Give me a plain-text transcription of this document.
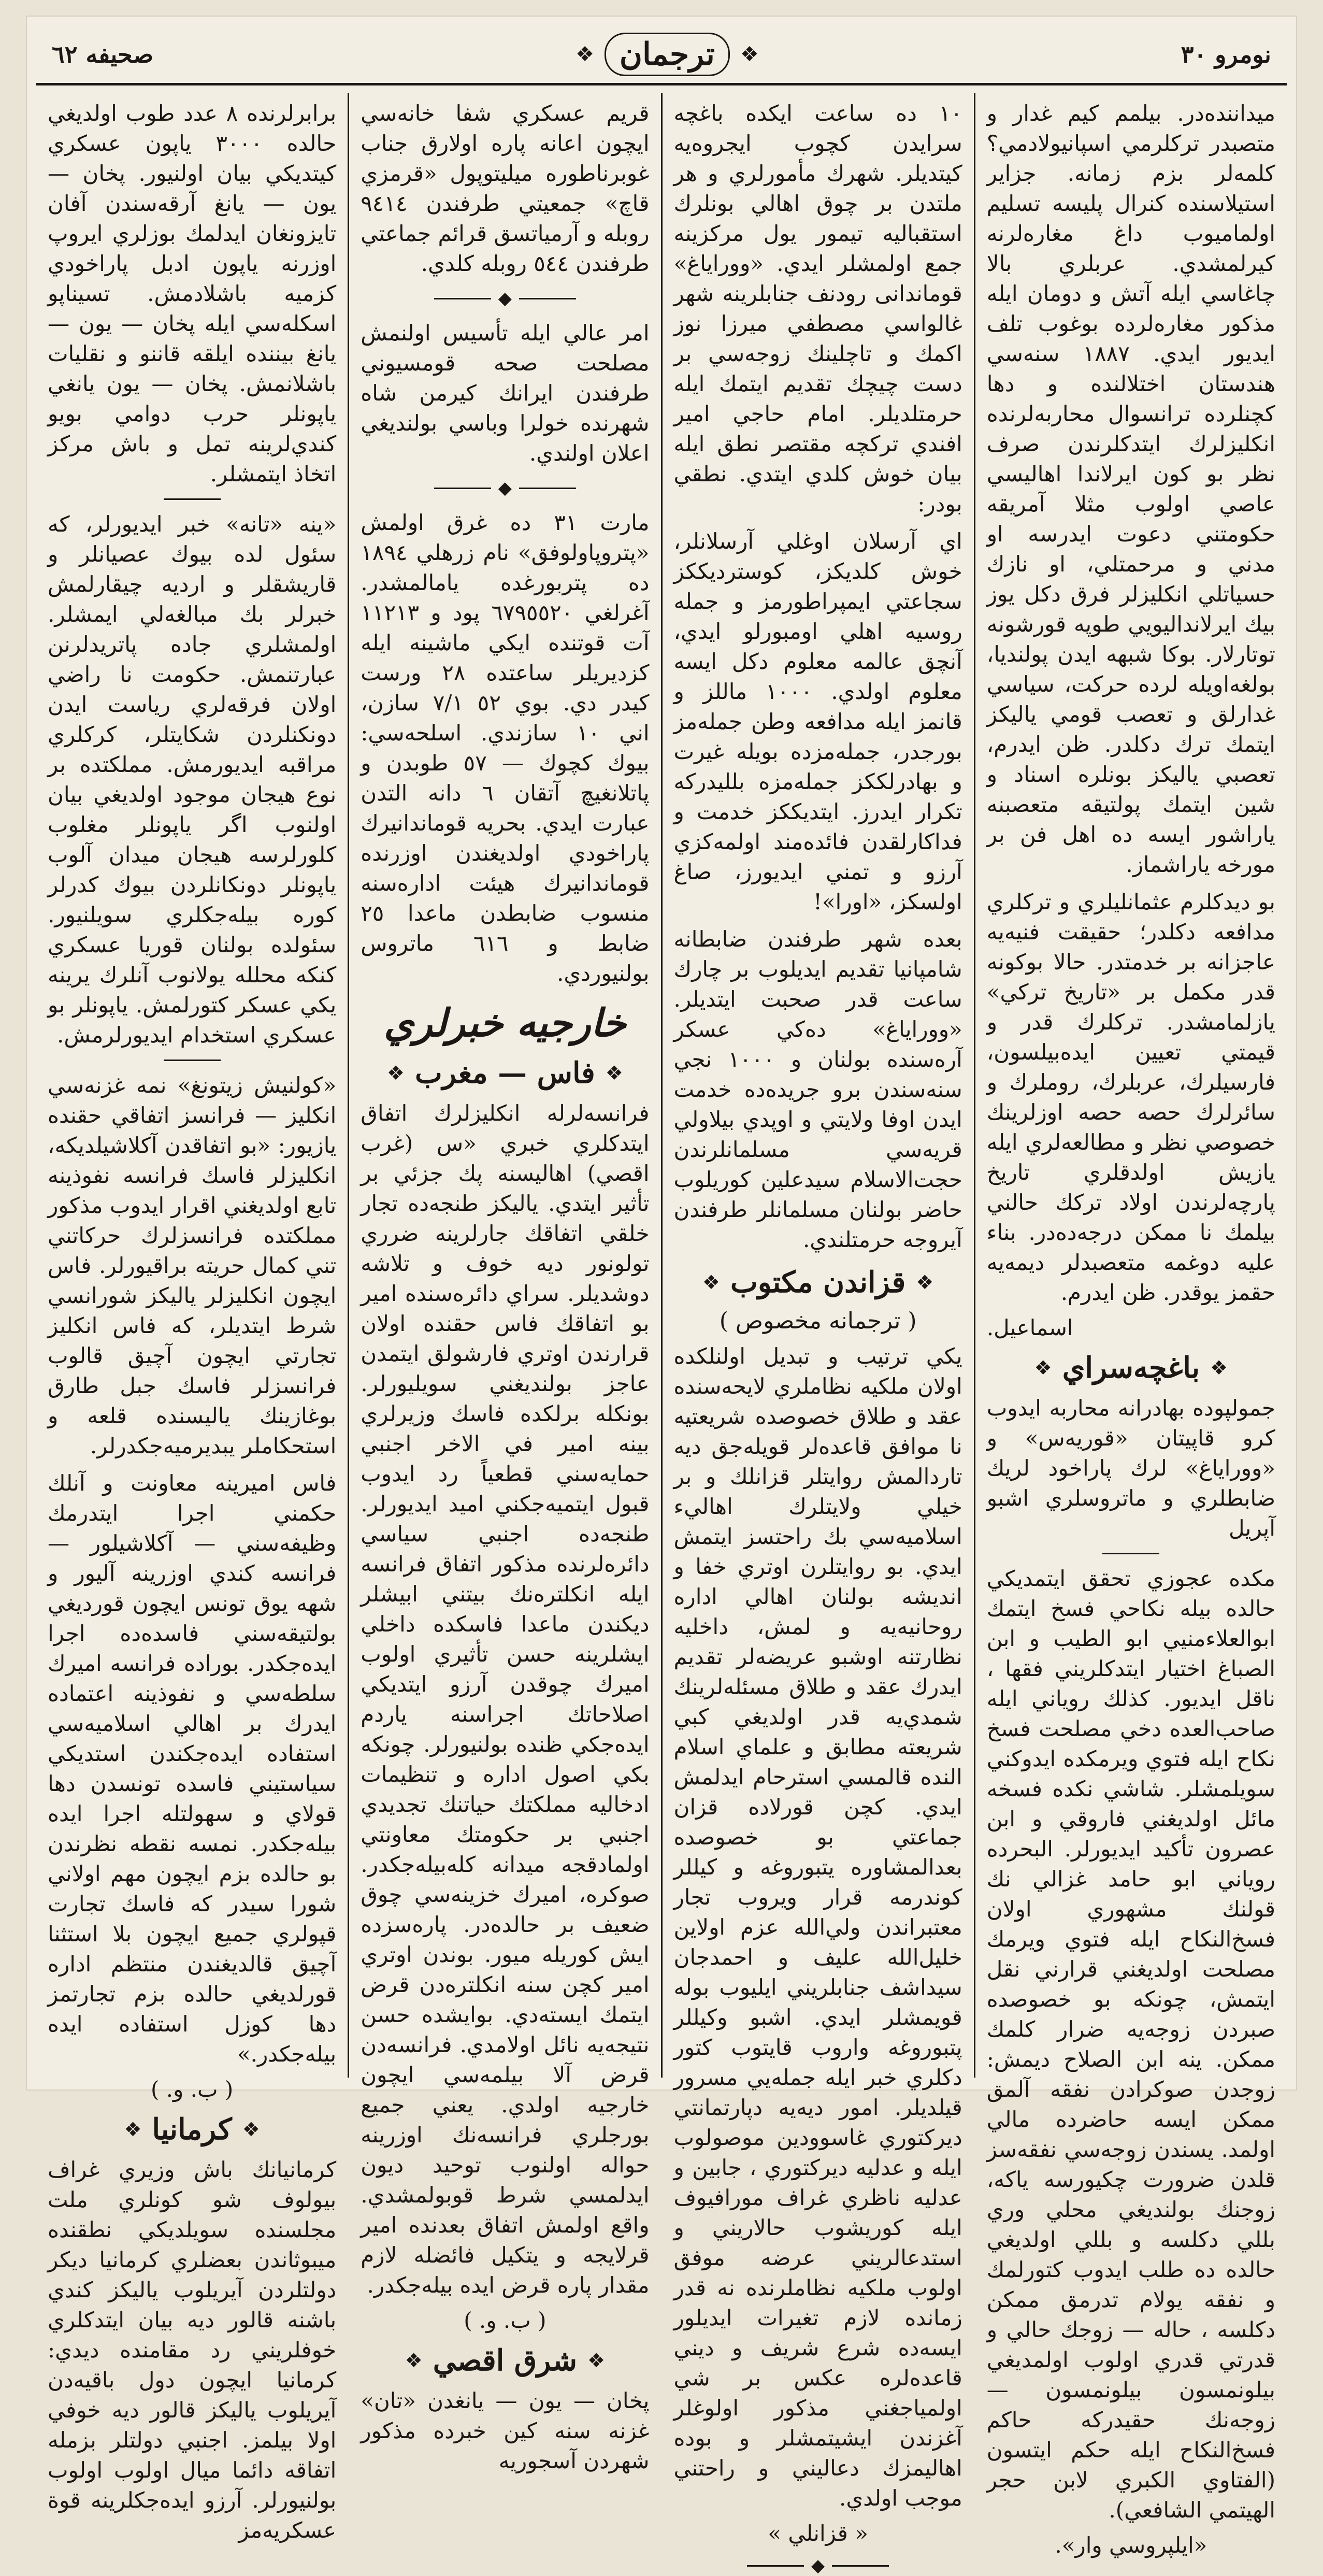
نومرو ٣٠
❖
ترجمان
❖
صحيفه ٦٢

ميداننده‌در. بيلمم كيم غدار و متصبدر تركلرمي اسپانيولادمي؟ كلمه‌لر بزم زمانه. جزاير استيلاسنده كنرال پليسه تسليم اولماميوب داغ مغاره‌لرنه كيرلمشدي. عربلري بالا چاغاسي ايله آتش و دومان ايله مذكور مغاره‌لرده بوغوب تلف ايديور ايدي. ١٨٨٧ سنه‌سي هندستان اختلالنده و دها كچنلرده ترانسوال محاربه‌لرنده انكليزلرك ايتدكلرندن صرف نظر بو كون ايرلاندا اهاليسي عاصي اولوب مثلا آمريقه حكومتني دعوت ايدرسه او مدني و مرحمتلي، او نازك حسياتلي انكليزلر فرق دكل يوز بيك ايرلانداليويي طوپه قورشونه توتارلار. بوكا شبهه ايدن پولنديا، بولغه‌اويله‌ لرده حركت، سياسي غدارلق و تعصب قومي ياليكز ايتمك ترك دكلدر. ظن ايدرم، تعصبي ياليكز بونلره اسناد و شين ايتمك پولتيقه متعصبنه ياراشور ايسه ده اهل فن بر مورخه ياراشماز.

بو ديدكلرم عثمانليلري و تركلري مدافعه دكلدر؛ حقيقت فنيه‌يه عاجزانه بر خدمتدر. حالا بوكونه قدر مكمل بر «تاريخ تركي» يازلمامشدر. تركلرك قدر و قيمتي تعيين ايده‌بيلسون، فارسيلرك، عربلرك، روملرك و سائرلرك حصه حصه اوزلرينك خصوصي نظر و مطالعه‌لري ايله يازيش اولدقلري تاريخ پارچه‌لرندن اولاد تركك حالني بيلمك نا ممكن درجه‌ده‌در. بناء عليه دوغمه متعصبدلر ديمه‌يه حقمز يوقدر. ظن ايدرم.

اسماعيل.
❖
باغچه‌سراي
❖

جمولپوده بهادرانه محاربه ايدوب كرو قاپيتان «قوريه‌س» و «ووراياغ» لرك پاراخود لريك ضابطلري و ماتروسلري اشبو آپريل

مكده عجوزي تحقق ايتمديكي حالده بيله نكاحي فسخ ايتمك ابوالعلاءمنيي ابو الطيب و ابن الصباغ اختيار ايتدكلريني فقها ، ناقل ايديور. كذلك روياني ايله صاحب‌العده دخي مصلحت فسخ نكاح ايله فتوي ويرمكده ايدوكني سويلمشلر. شاشي نكده فسخه مائل اولديغني فاروقي و ابن عصرون تأكيد ايديورلر. البحرده روياني ابو حامد غزالي نك قولنك مشهوري اولان فسخ‌النكاح ايله فتوي ويرمك مصلحت اولديغني قرارني نقل ايتمش، چونكه بو خصوصده صبردن زوجه‌يه ضرار كلمك ممكن. ينه ابن الصلاح ديمش: زوجدن صوكرادن نفقه آلمق ممكن ايسه حاضرده مالي اولمد. يسندن زوجه‌سي نفقه‌سز قلدن ضرورت چكيورسه ياكه، زوجنك بولنديغي محلي وري بللي دكلسه و بللي اولديغي حالده ده طلب ايدوب كتورلمك و نفقه يولام تدرمق ممكن دكلسه ، حاله — زوجك حالي و قدرتي قدري اولوب اولمديغي بيلونمسون بيلونمسون — زوجه‌نك حقيدركه حاكم فسخ‌النكاح ايله حكم ايتسون (الفتاوي الكبري لابن حجر الهيتمي الشافعي).

«ايلپروسي وار».

١٠ ده ساعت ايكده باغچه سرايدن كچوب ايجروه‌يه كيتديلر. شهرك مأمورلري و هر ملتدن بر چوق اهالي بونلرك استقباليه تيمور يول مركزينه جمع اولمشلر ايدي. «ووراياغ» قوماندانى رودنف جنابلرينه شهر غالواسي مصطفي ميرزا نوز اكمك و تاچلينك زوجه‌سي بر دست چيچك تقديم ايتمك ايله حرمتلديلر. امام حاجي امير افندي تركچه مقتصر نطق ايله بيان خوش كلدي ايتدي. نطقي بودر:

اي آرسلان اوغلي آرسلانلر، خوش كلديكز، كوسترديككز سجاعتي ايمپراطورمز و جمله روسيه اهلي اومبورلو ايدي، آنچق عالمه معلوم دكل ايسه معلوم اولدي. ١٠٠٠ ماللز و قانمز ايله مدافعه وطن جملەمز بورجدر، جملەمزده بويله غيرت و بهادرلككز جمله‌مزه بلليدركه تكرار ايدرز. ايتديككز خدمت و فداكارلقدن فائده‌مند اولمه‌كزي آرزو و تمني ايديورز، صاغ اولسكز، «اورا»!

بعده شهر طرفندن ضابطانه شامپانيا تقديم ايديلوب بر چارك ساعت قدر صحبت ايتديلر. «ووراياغ» ده‌كي عسكر آرەسنده بولنان و ١٠٠٠ نجي سنه‌سندن برو جريده‌ده خدمت ايدن اوفا ولايتي و اوپدي بيلاولي قريه‌سي مسلمانلرندن حجت‌الاسلام سيدعلين كوريلوب حاضر بولنان مسلمانلر طرفندن آيروجه حرمتلندي.

❖
قزاندن مكتوب
❖
( ترجمانه مخصوص )

يكي ترتيب و تبديل اولنلكده اولان ملكيه نظاملري لايحه‌سنده عقد و طلاق خصوصده شريعتيه نا موافق قاعده‌لر قويله‌جق ديه تاردالمش روايتلر قزانلك و بر خيلي ولايتلرك اهاليء اسلاميه‌سي بك راحتسز ايتمش ايدي. بو روايتلرن اوتري خفا و انديشه بولنان اهالي اداره روحانيه‌يه و لمش، داخليه نظارتنه اوشبو عريضه‌لر تقديم ايدرك عقد و طلاق مسئله‌لرينك شمدي‌يه قدر اولديغي كبي شريعته مطابق و علماي اسلام النده قالمسي استرحام ايدلمش ايدي. كچن قورلاده قزان جماعتي بو خصوصده بعدالمشاوره يتبوروغه و كيللر كوندرمه قرار ويروب تجار معتبراندن ولي‌الله عزم اولاين خليل‌الله عليف و احمدجان سيداشف جنابلريني ايليوب بوله قويمشلر ايدي. اشبو وكيللر پتبوروغه واروب قايتوب كتور دكلري خبر ايله جمله‌يي مسرور قيلديلر. امور ديه‌يه دپارتمانتي ديركتوري غاسوودين موصولوب ايله و عدليه ديركتوري ، جابين و عدليه ناظري غراف مورافيوف ايله كوريشوب حالاريني و استدعالريني عرضه موفق اولوب ملكيه نظاملرنده نه قدر زمانده لازم تغيرات ايديلور ايسه‌ده شرع شريف و ديني قاعده‌لره عكس بر شي اولمياجغني مذكور اولوغلر آغزندن ايشيتمشلر و بوده اهاليمزك دعاليني و راحتني موجب اولدي.

« قزانلي »
◆

قريم عسكري شفا خانه‌سي ايچون اعانه پاره اولارق جناب غوبرناطوره ميليتوپول «قرمزي قاچ» جمعيتي طرفندن ٩٤١٤ روبله و آرمياتسق قرائم جماعتي طرفندن ٥٤٤ روبله كلدي.

◆

امر عالي ايله تأسيس اولنمش مصلحت صحه قومسيوني طرفندن ايرانك كيرمن شاه شهرنده خولرا وباسي بولنديغي اعلان اولندي.

◆

مارت ٣١ ده غرق اولمش «پتروپاولوفق» نام زرهلي ١٨٩٤ ده پتربورغده يامالمشدر. آغرلغي ٦٧٩٥٥٢٠ پود و ١١٢١٣ آت قوتنده ايكي ماشينه ايله كزديريلر ساعتده ٢٨ ورست كيدر دي. بوي ٥٢ ٧/١ سازن، اني ١٠ سازندي. اسلحه‌سي: بيوك كچوك — ٥٧ طوبدن و پاتلانغيچ آتقان ٦ دانه التدن عبارت ايدي. بحريه قوماندانيرك پاراخودي اولديغندن اوزرنده قوماندانيرك هيئت اداره‌سنه منسوب ضابطدن ماعدا ٢٥ ضابط و ٦١٦ ماتروس بولنيوردي.

خارجيه خبرلري
❖
فاس — مغرب
❖

فرانسه‌لرله انكليزلرك اتفاق ايتدكلري خبري «س (غرب اقصي) اهاليسنه پك جزئي بر تأثير ايتدي. ياليكز طنجه‌ده تجار خلقي اتفاقك جارلرينه ضرري تولونور ديه خوف و تلاشه دوشديلر. سراي دائره‌سنده امير بو اتفاقك فاس حقنده اولان قرارندن اوتري فارشولق ايتمدن عاجز بولنديغني سويليورلر. بونكله برلكده فاسك وزيرلري بينه امير في الاخر اجنبي حمايه‌سني قطعياً رد ايدوب قبول ايتميه‌جكني اميد ايديورلر. طنجه‌ده اجنبي سياسي دائره‌لرنده مذكور اتفاق فرانسه ايله انكلتره‌نك بيتني ابيشلر ديكندن ماعدا فاسكده داخلي ايشلرينه حسن تأثيري اولوب اميرك چوقدن آرزو ايتديكي اصلاحاتك اجراسنه ياردم ايده‌جكي ظنده بولنيورلر. چونكه بكي اصول اداره و تنظيمات ادخاليه مملكتك حياتنك تجديدي اجنبي بر حكومتك معاونتي اولمادقجه ميدانه كله‌بيله‌جكدر. صوكره، اميرك خزينه‌سي چوق ضعيف بر حالده‌در. پاره‌سزده ايش كوريله ميور. بوندن اوتري امير كچن سنه انكلترەدن قرض ايتمك ايسته‌دي. بوايشده حسن نتيجه‌يه نائل اولامدي. فرانسه‌دن قرض آلا بيلمه‌سي ايچون خارجيه اولدي. يعني جميع بورجلري فرانسه‌نك اوزرينه حواله اولنوب توحيد ديون ايدلمسي شرط قوبولمشدي. واقع اولمش اتفاق بعدنده امير قرلايجه و يتكيل فائضله لازم مقدار پاره قرض ايده بيله‌جكدر.

( ب. و. )
❖
شرق اقصي
❖

پخان — يون — يانغدن «تان» غزنه سنه كين خبرده مذكور شهردن آسجوريه

برابرلرنده ٨ عدد طوب اولديغي حالده ٣٠٠٠ ياپون عسكري كيتديكي بيان اولنيور. پخان — يون — يانغ آرقه‌سندن آفان تايزونغان ايدلمك بوزلري ايروپ اوزرنه ياپون ادبل پاراخودي كزميه باشلادمش. تسيناپو اسكله‌سي ايله پخان — يون — يانغ بيننده ايلقه قاننو و نقليات باشلانمش. پخان — يون يانغي ياپونلر حرب دوامي بويو كندي‌لرينه تمل و باش مركز اتخاذ ايتمشلر.

«ينه «تانه» خبر ايديورلر، كه سئول لده بيوك عصيانلر و قاريشقلر و ارديه چيقارلمش خبرلر بك مبالغه‌لي ايمشلر. اولمشلري جاده پاتريدلرنن عبارتنمش. حكومت نا راضي اولان فرقه‌لري رياست ايدن دونكنلردن شكايتلر، كركلري مراقبه ايديورمش. مملكتده بر نوع هيجان موجود اولديغي بيان اولنوب اگر ياپونلر مغلوب كلورلرسه هيجان ميدان آلوب ياپونلر دونكانلردن بيوك كدرلر كوره بيله‌جكلري سويلنيور. سئولده بولنان قوريا عسكري كنكه محلله يولانوب آنلرك يرينه يكي عسكر كتورلمش. ياپونلر بو عسكري استخدام ايديورلرمش.

«كولنيش زيتونغ» نمه غزنه‌سي انكليز — فرانسز اتفاقي حقنده يازيور: «بو اتفاقدن آكلاشيلديكه، انكليزلر فاسك فرانسه نفوذينه تابع اولديغني اقرار ايدوب مذكور مملكتده فرانسزلرك حركاتني تني كمال حريته براقيورلر. فاس ايچون انكليزلر ياليكز شورانسي شرط ايتديلر، كه فاس انكليز تجارتي ايچون آچيق قالوب فرانسزلر فاسك جبل طارق بوغازينك ياليسنده قلعه و استحكاملر يبديرميه‌جكدرلر.

فاس اميرينه معاونت و آنلك حكمني اجرا ايتدرمك وظيفه‌سني — آكلاشيلور — فرانسه كندي اوزرينه آليور و شهه يوق تونس ايچون قورديغي بولتيقه‌سني فاسده‌ده اجرا ايده‌جكدر. بوراده فرانسه اميرك سلطه‌سي و نفوذينه اعتماده ايدرك بر اهالي اسلاميه‌سي استفاده ايده‌جكندن استديكي سياستيني فاسده تونسدن دها قولاي و سهولتله اجرا ايده بيله‌جكدر. نمسه نقطه نظرندن بو حالده بزم ايچون مهم اولاني شورا سيدر كه فاسك تجارت قپولري جميع ايچون بلا استثنا آچيق قالديغندن منتظم اداره قورلديغي حالده بزم تجارتمز دها كوزل استفاده ايده بيله‌جكدر.»

( ب. و. )
❖
كرمانيا
❖

كرمانيانك باش وزيري غراف بيولوف شو كونلري ملت مجلسنده سويلديكي نطقنده ميبوثاندن بعضلري كرمانيا ديكر دولتلردن آيريلوب ياليكز كندي باشنه قالور ديه بيان ايتدكلري خوفلريني رد مقامنده ديدي: كرمانيا ايچون دول باقيه‌دن آيريلوب ياليكز قالور ديه خوفي اولا بيلمز. اجنبي دولتلر بزمله اتفاقه دائما ميال اولوب اولوب بولنيورلر. آرزو ايده‌جكلرينه قوة عسكريه‌مز
